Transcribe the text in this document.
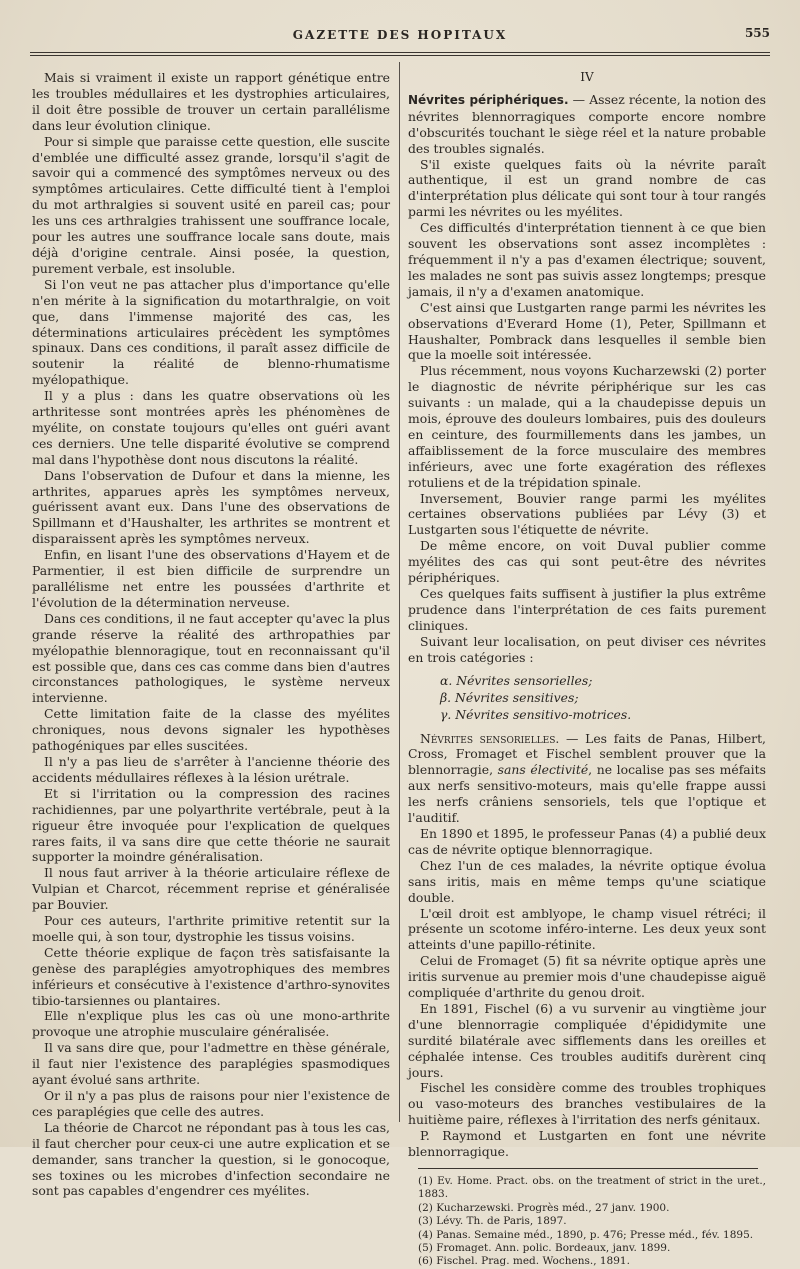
GAZETTE DES HOPITAUX	555

Mais si vraiment il existe un rapport génétique entre les troubles médullaires et les dystrophies articulaires, il doit être possible de trouver un certain parallélisme dans leur évolution clinique.

Pour si simple que paraisse cette question, elle suscite d'emblée une difficulté assez grande, lorsqu'il s'agit de savoir qui a commencé des symptômes nerveux ou des symptômes articulaires. Cette difficulté tient à l'emploi du mot arthralgies si souvent usité en pareil cas; pour les uns ces arthralgies trahissent une souffrance locale, pour les autres une souffrance locale sans doute, mais déjà d'origine centrale. Ainsi posée, la question, purement verbale, est insoluble.

Si l'on veut ne pas attacher plus d'importance qu'elle n'en mérite à la signification du motarthralgie, on voit que, dans l'immense majorité des cas, les déterminations articulaires précèdent les symptômes spinaux. Dans ces conditions, il paraît assez difficile de soutenir la réalité de blenno-rhumatisme myélopathique.

Il y a plus : dans les quatre observations où les arthritesse sont montrées après les phénomènes de myélite, on constate toujours qu'elles ont guéri avant ces derniers. Une telle disparité évolutive se comprend mal dans l'hypothèse dont nous discutons la réalité.

Dans l'observation de Dufour et dans la mienne, les arthrites, apparues après les symptômes nerveux, guérissent avant eux. Dans l'une des observations de Spillmann et d'Haushalter, les arthrites se montrent et disparaissent après les symptômes nerveux.

Enfin, en lisant l'une des observations d'Hayem et de Parmentier, il est bien difficile de surprendre un parallélisme net entre les poussées d'arthrite et l'évolution de la détermination nerveuse.

Dans ces conditions, il ne faut accepter qu'avec la plus grande réserve la réalité des arthropathies par myélopathie blennoragique, tout en reconnaissant qu'il est possible que, dans ces cas comme dans bien d'autres circonstances pathologiques, le système nerveux intervienne.

Cette limitation faite de la classe des myélites chroniques, nous devons signaler les hypothèses pathogéniques par elles suscitées.

Il n'y a pas lieu de s'arrêter à l'ancienne théorie des accidents médullaires réflexes à la lésion urétrale.

Et si l'irritation ou la compression des racines rachidiennes, par une polyarthrite vertébrale, peut à la rigueur être invoquée pour l'explication de quelques rares faits, il va sans dire que cette théorie ne saurait supporter la moindre généralisation.

Il nous faut arriver à la théorie articulaire réflexe de Vulpian et Charcot, récemment reprise et généralisée par Bouvier.

Pour ces auteurs, l'arthrite primitive retentit sur la moelle qui, à son tour, dystrophie les tissus voisins.

Cette théorie explique de façon très satisfaisante la genèse des paraplégies amyotrophiques des membres inférieurs et consécutive à l'existence d'arthro-synovites tibio-tarsiennes ou plantaires.

Elle n'explique plus les cas où une mono-arthrite provoque une atrophie musculaire généralisée.

Il va sans dire que, pour l'admettre en thèse générale, il faut nier l'existence des paraplégies spasmodiques ayant évolué sans arthrite.

Or il n'y a pas plus de raisons pour nier l'existence de ces paraplégies que celle des autres.

La théorie de Charcot ne répondant pas à tous les cas, il faut chercher pour ceux-ci une autre explication et se demander, sans trancher la question, si le gonocoque, ses toxines ou les microbes d'infection secondaire ne sont pas capables d'engendrer ces myélites.

IV

Névrites périphériques. — Assez récente, la notion des névrites blennorragiques comporte encore nombre d'obscurités touchant le siège réel et la nature probable des troubles signalés.

S'il existe quelques faits où la névrite paraît authentique, il est un grand nombre de cas d'interprétation plus délicate qui sont tour à tour rangés parmi les névrites ou les myélites.

Ces difficultés d'interprétation tiennent à ce que bien souvent les observations sont assez incomplètes : fréquemment il n'y a pas d'examen électrique; souvent, les malades ne sont pas suivis assez longtemps; presque jamais, il n'y a d'examen anatomique.

C'est ainsi que Lustgarten range parmi les névrites les observations d'Everard Home (1), Peter, Spillmann et Haushalter, Pombrack dans lesquelles il semble bien que la moelle soit intéressée.

Plus récemment, nous voyons Kucharzewski (2) porter le diagnostic de névrite périphérique sur les cas suivants : un malade, qui a la chaudepisse depuis un mois, éprouve des douleurs lombaires, puis des douleurs en ceinture, des fourmillements dans les jambes, un affaiblissement de la force musculaire des membres inférieurs, avec une forte exagération des réflexes rotuliens et de la trépidation spinale.

Inversement, Bouvier range parmi les myélites certaines observations publiées par Lévy (3) et Lustgarten sous l'étiquette de névrite.

De même encore, on voit Duval publier comme myélites des cas qui sont peut-être des névrites périphériques.

Ces quelques faits suffisent à justifier la plus extrême prudence dans l'interprétation de ces faits purement cliniques.

Suivant leur localisation, on peut diviser ces névrites en trois catégories :

α. Névrites sensorielles;
β. Névrites sensitives;
γ. Névrites sensitivo-motrices.

Névrites sensorielles. — Les faits de Panas, Hilbert, Cross, Fromaget et Fischel semblent prouver que la blennorragie, sans électivité, ne localise pas ses méfaits aux nerfs sensitivo-moteurs, mais qu'elle frappe aussi les nerfs crâniens sensoriels, tels que l'optique et l'auditif.

En 1890 et 1895, le professeur Panas (4) a publié deux cas de névrite optique blennorragique.

Chez l'un de ces malades, la névrite optique évolua sans iritis, mais en même temps qu'une sciatique double.

L'œil droit est amblyope, le champ visuel rétréci; il présente un scotome inféro-interne. Les deux yeux sont atteints d'une papillo-rétinite.

Celui de Fromaget (5) fit sa névrite optique après une iritis survenue au premier mois d'une chaudepisse aiguë compliquée d'arthrite du genou droit.

En 1891, Fischel (6) a vu survenir au vingtième jour d'une blennorragie compliquée d'épididymite une surdité bilatérale avec sifflements dans les oreilles et céphalée intense. Ces troubles auditifs durèrent cinq jours.

Fischel les considère comme des troubles trophiques ou vaso-moteurs des branches vestibulaires de la huitième paire, réflexes à l'irritation des nerfs génitaux.

P. Raymond et Lustgarten en font une névrite blennorragique.

(1) Ev. Home. Pract. obs. on the treatment of strict in the uret., 1883.
(2) Kucharzewski. Progrès méd., 27 janv. 1900.
(3) Lévy. Th. de Paris, 1897.
(4) Panas. Semaine méd., 1890, p. 476; Presse méd., fév. 1895.
(5) Fromaget. Ann. polic. Bordeaux, janv. 1899.
(6) Fischel. Prag. med. Wochens., 1891.
